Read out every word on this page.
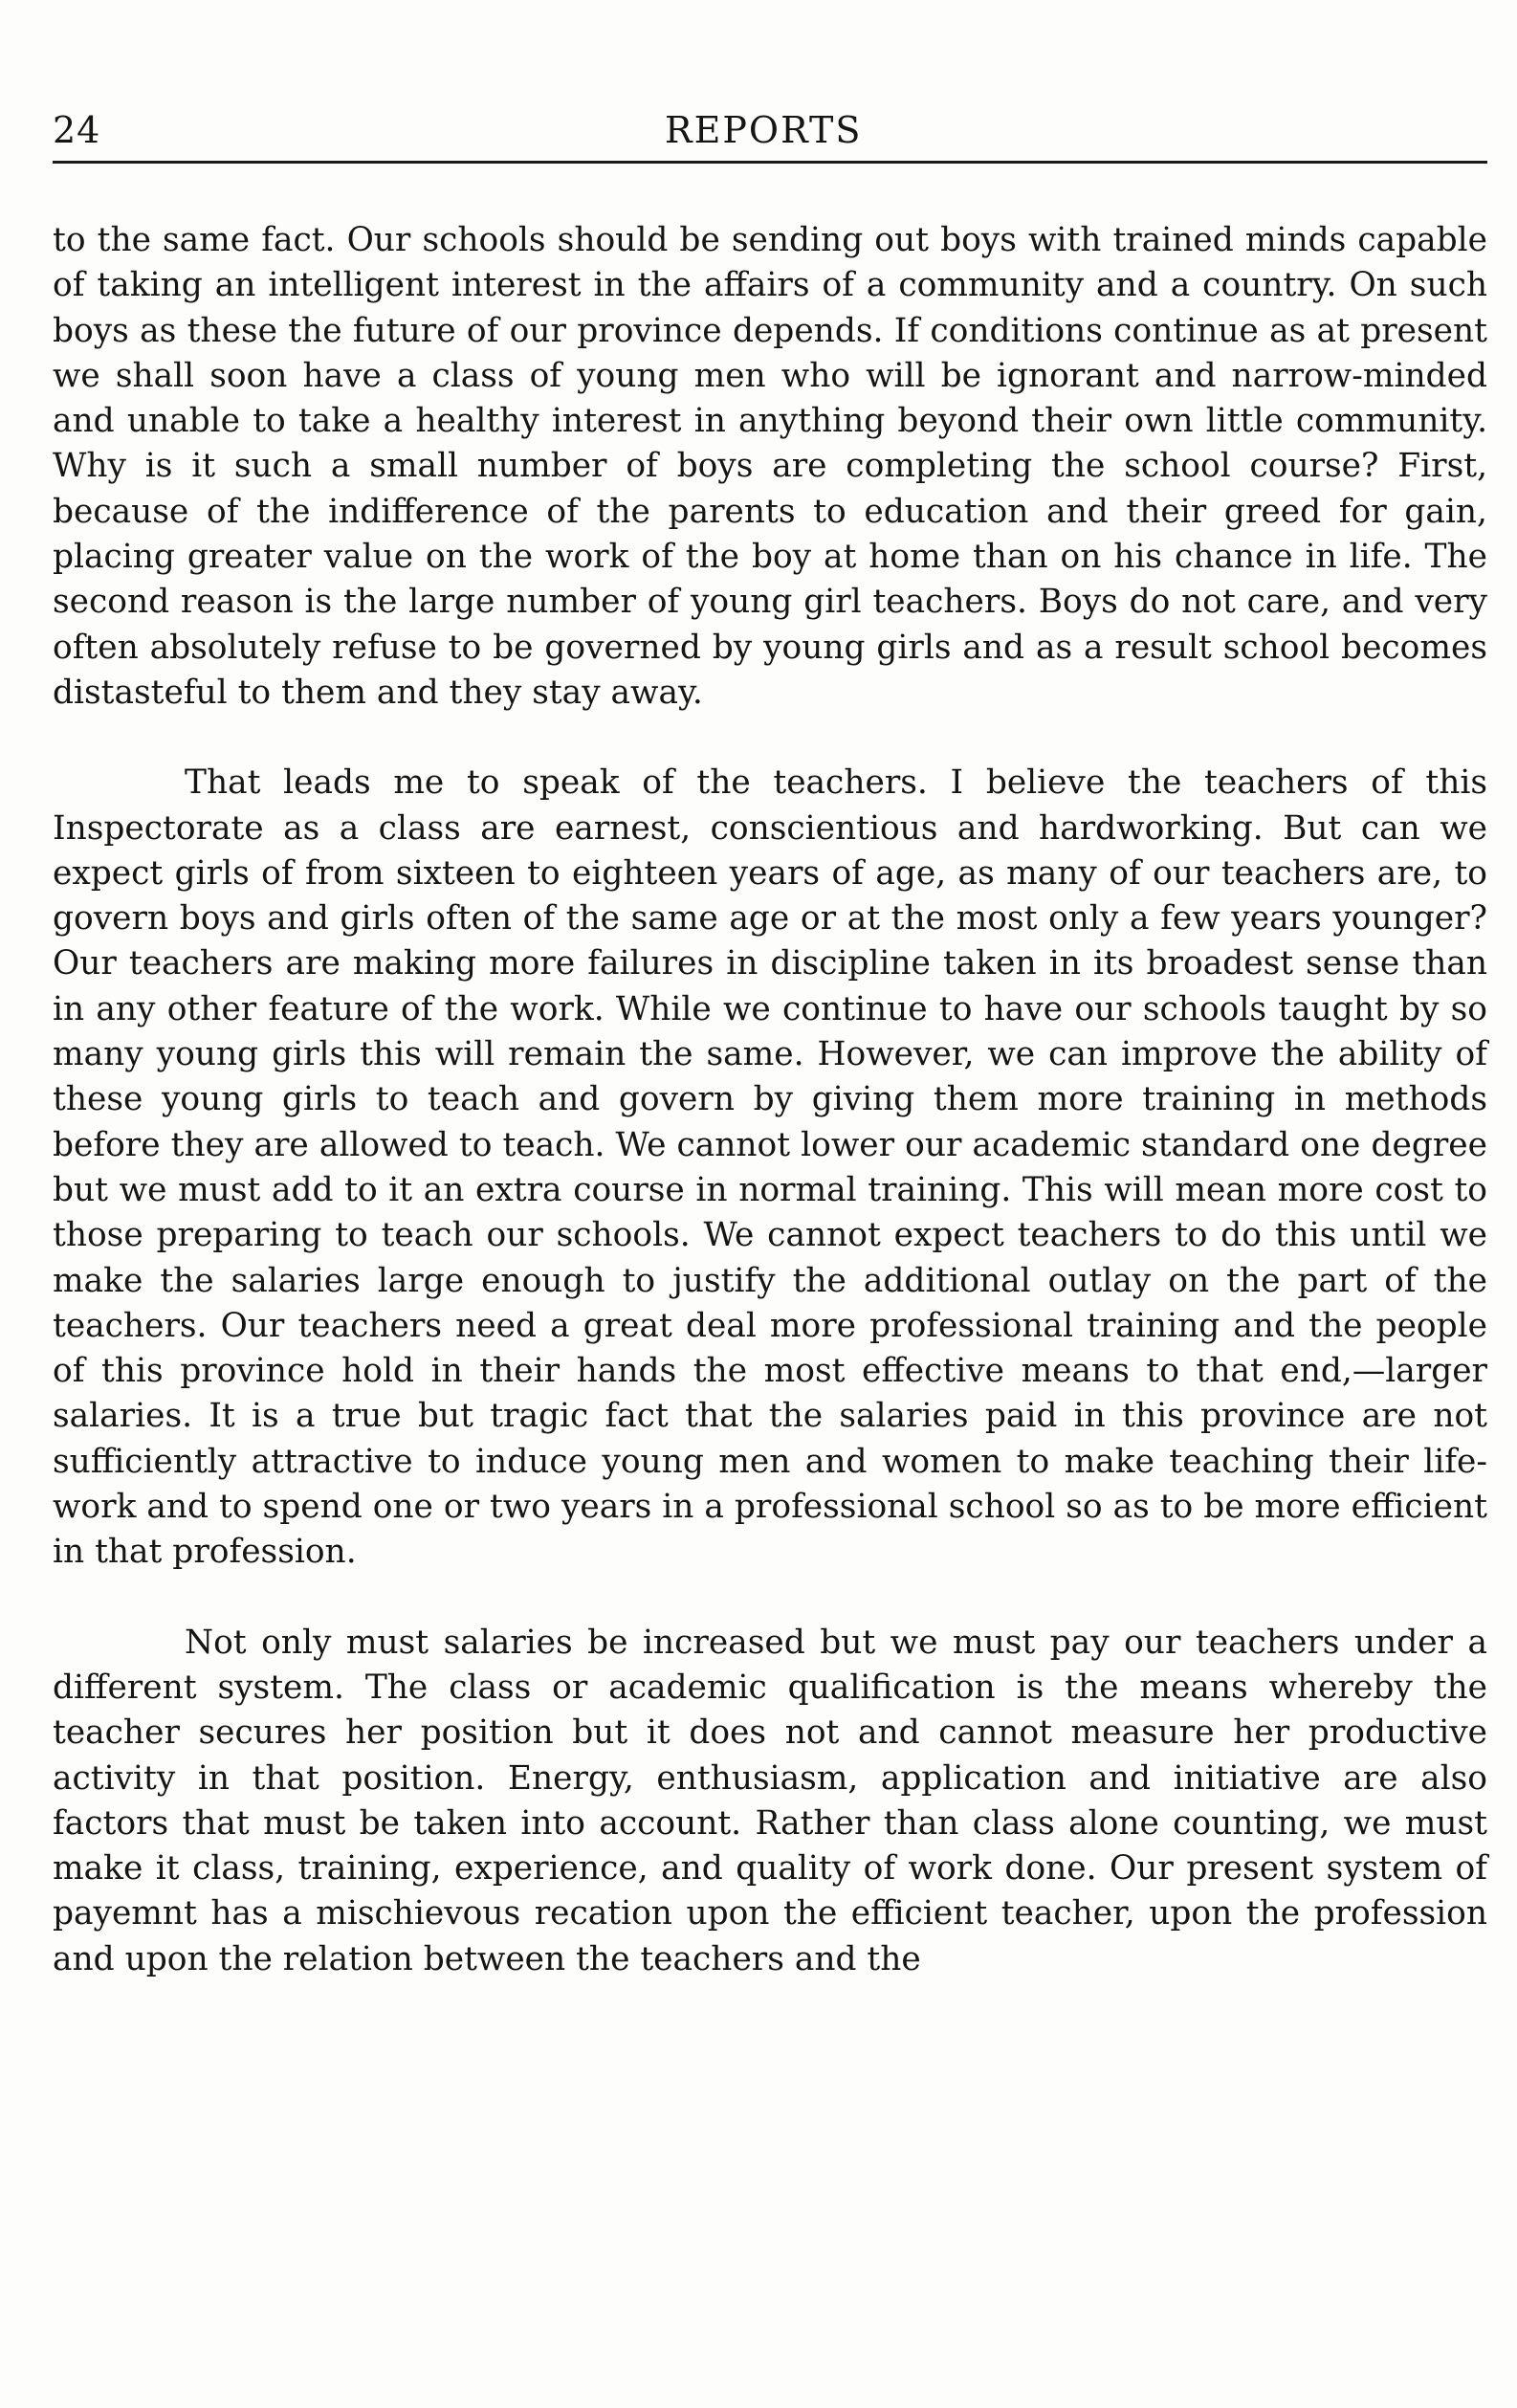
24	REPORTS

to the same fact. Our schools should be sending out boys with trained minds capable of taking an intelligent interest in the affairs of a community and a country. On such boys as these the future of our province depends. If conditions continue as at present we shall soon have a class of young men who will be ignorant and narrow-minded and unable to take a healthy interest in anything beyond their own little community. Why is it such a small number of boys are completing the school course? First, because of the indifference of the parents to education and their greed for gain, placing greater value on the work of the boy at home than on his chance in life. The second reason is the large number of young girl teachers. Boys do not care, and very often absolutely refuse to be governed by young girls and as a result school becomes distasteful to them and they stay away.

That leads me to speak of the teachers. I believe the teachers of this Inspectorate as a class are earnest, conscientious and hardworking. But can we expect girls of from sixteen to eighteen years of age, as many of our teachers are, to govern boys and girls often of the same age or at the most only a few years younger? Our teachers are making more failures in discipline taken in its broadest sense than in any other feature of the work. While we continue to have our schools taught by so many young girls this will remain the same. However, we can improve the ability of these young girls to teach and govern by giving them more training in methods before they are allowed to teach. We cannot lower our academic standard one degree but we must add to it an extra course in normal training. This will mean more cost to those preparing to teach our schools. We cannot expect teachers to do this until we make the salaries large enough to justify the additional outlay on the part of the teachers. Our teachers need a great deal more professional training and the people of this province hold in their hands the most effective means to that end,—larger salaries. It is a true but tragic fact that the salaries paid in this province are not sufficiently attractive to induce young men and women to make teaching their life-work and to spend one or two years in a professional school so as to be more efficient in that profession.

Not only must salaries be increased but we must pay our teachers under a different system. The class or academic qualification is the means whereby the teacher secures her position but it does not and cannot measure her productive activity in that position. Energy, enthusiasm, application and initiative are also factors that must be taken into account. Rather than class alone counting, we must make it class, training, experience, and quality of work done. Our present system of payemnt has a mischievous recation upon the efficient teacher, upon the profession and upon the relation between the teachers and the
